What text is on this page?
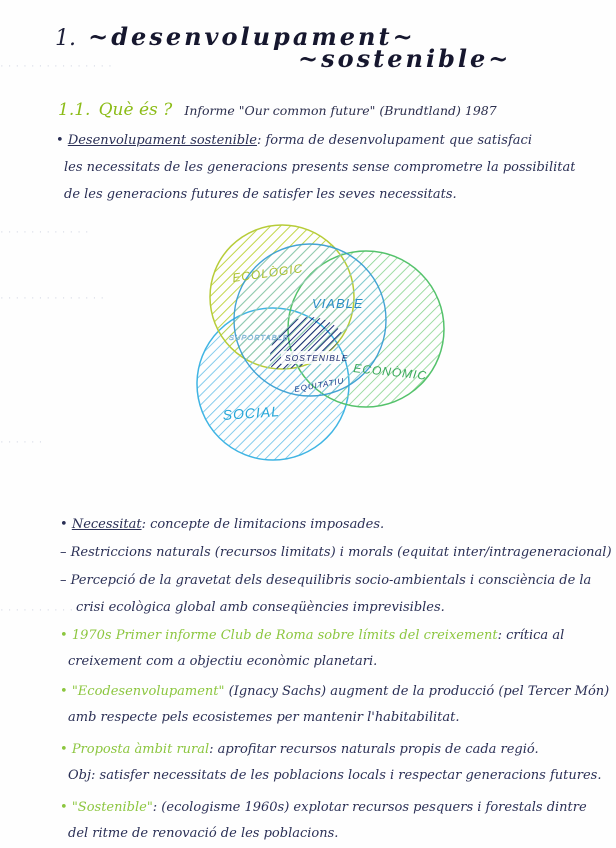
· · · · · · · · · · · · · · ·
· · · · · · · · · · · ·
· · · · · · · · · · · · · ·
· · · · · ·
· · · · · · · · · · · · · · ·
1. ~desenvolupament~
~sostenible~
1.1. Què és ? Informe "Our common future" (Brundtland) 1987
• Desenvolupament sostenible: forma de desenvolupament que satisfaci
les necessitats de les generacions presents sense comprometre la possibilitat
de les generacions futures de satisfer les seves necessitats.
ECOLÒGIC
VIABLE
ECONÒMIC
SOCIAL
SUPORTABLE
SOSTENIBLE
EQUITATIU
• Necessitat: concepte de limitacions imposades.
– Restriccions naturals (recursos limitats) i morals (equitat inter/intrageneracional)
– Percepció de la gravetat dels desequilibris socio-ambientals i consciència de la
crisi ecològica global amb conseqüències imprevisibles.
• 1970s Primer informe Club de Roma sobre límits del creixement: crítica al
creixement com a objectiu econòmic planetari.
• "Ecodesenvolupament" (Ignacy Sachs) augment de la producció (pel Tercer Món)
amb respecte pels ecosistemes per mantenir l'habitabilitat.
• Proposta àmbit rural: aprofitar recursos naturals propis de cada regió.
Obj: satisfer necessitats de les poblacions locals i respectar generacions futures.
• "Sostenible": (ecologisme 1960s) explotar recursos pesquers i forestals dintre
del ritme de renovació de les poblacions.
